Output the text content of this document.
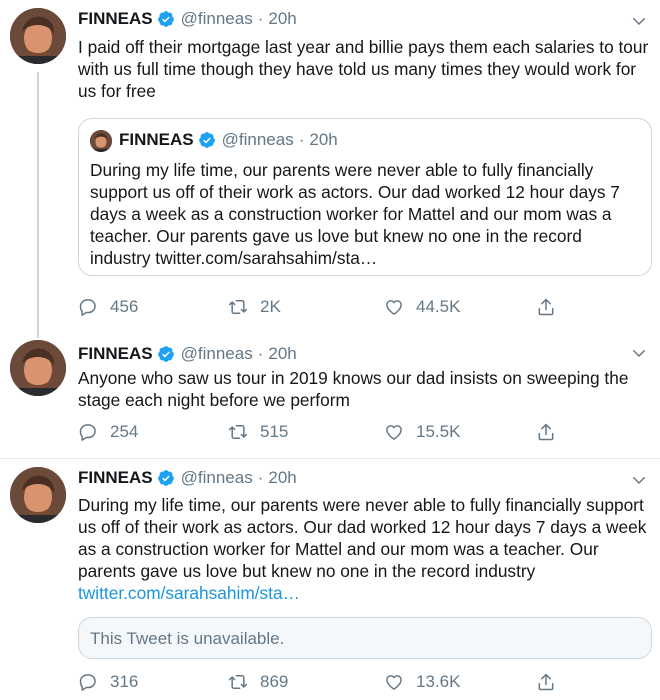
FINNEAS @finneas · 20h
I paid off their mortgage last year and billie pays them each salaries to tour with us full time though they have told us many times they would work for us for free
FINNEAS @finneas · 20h
During my life time, our parents were never able to fully financially support us off of their work as actors. Our dad worked 12 hour days 7 days a week as a construction worker for Mattel and our mom was a teacher. Our parents gave us love but knew no one in the record industry twitter.com/sarahsahim/sta…
456	2K	44.5K
FINNEAS @finneas · 20h
Anyone who saw us tour in 2019 knows our dad insists on sweeping the stage each night before we perform
254	515	15.5K
FINNEAS @finneas · 20h
During my life time, our parents were never able to fully financially support us off of their work as actors. Our dad worked 12 hour days 7 days a week as a construction worker for Mattel and our mom was a teacher. Our parents gave us love but knew no one in the record industry twitter.com/sarahsahim/sta…
This Tweet is unavailable.
316	869	13.6K
